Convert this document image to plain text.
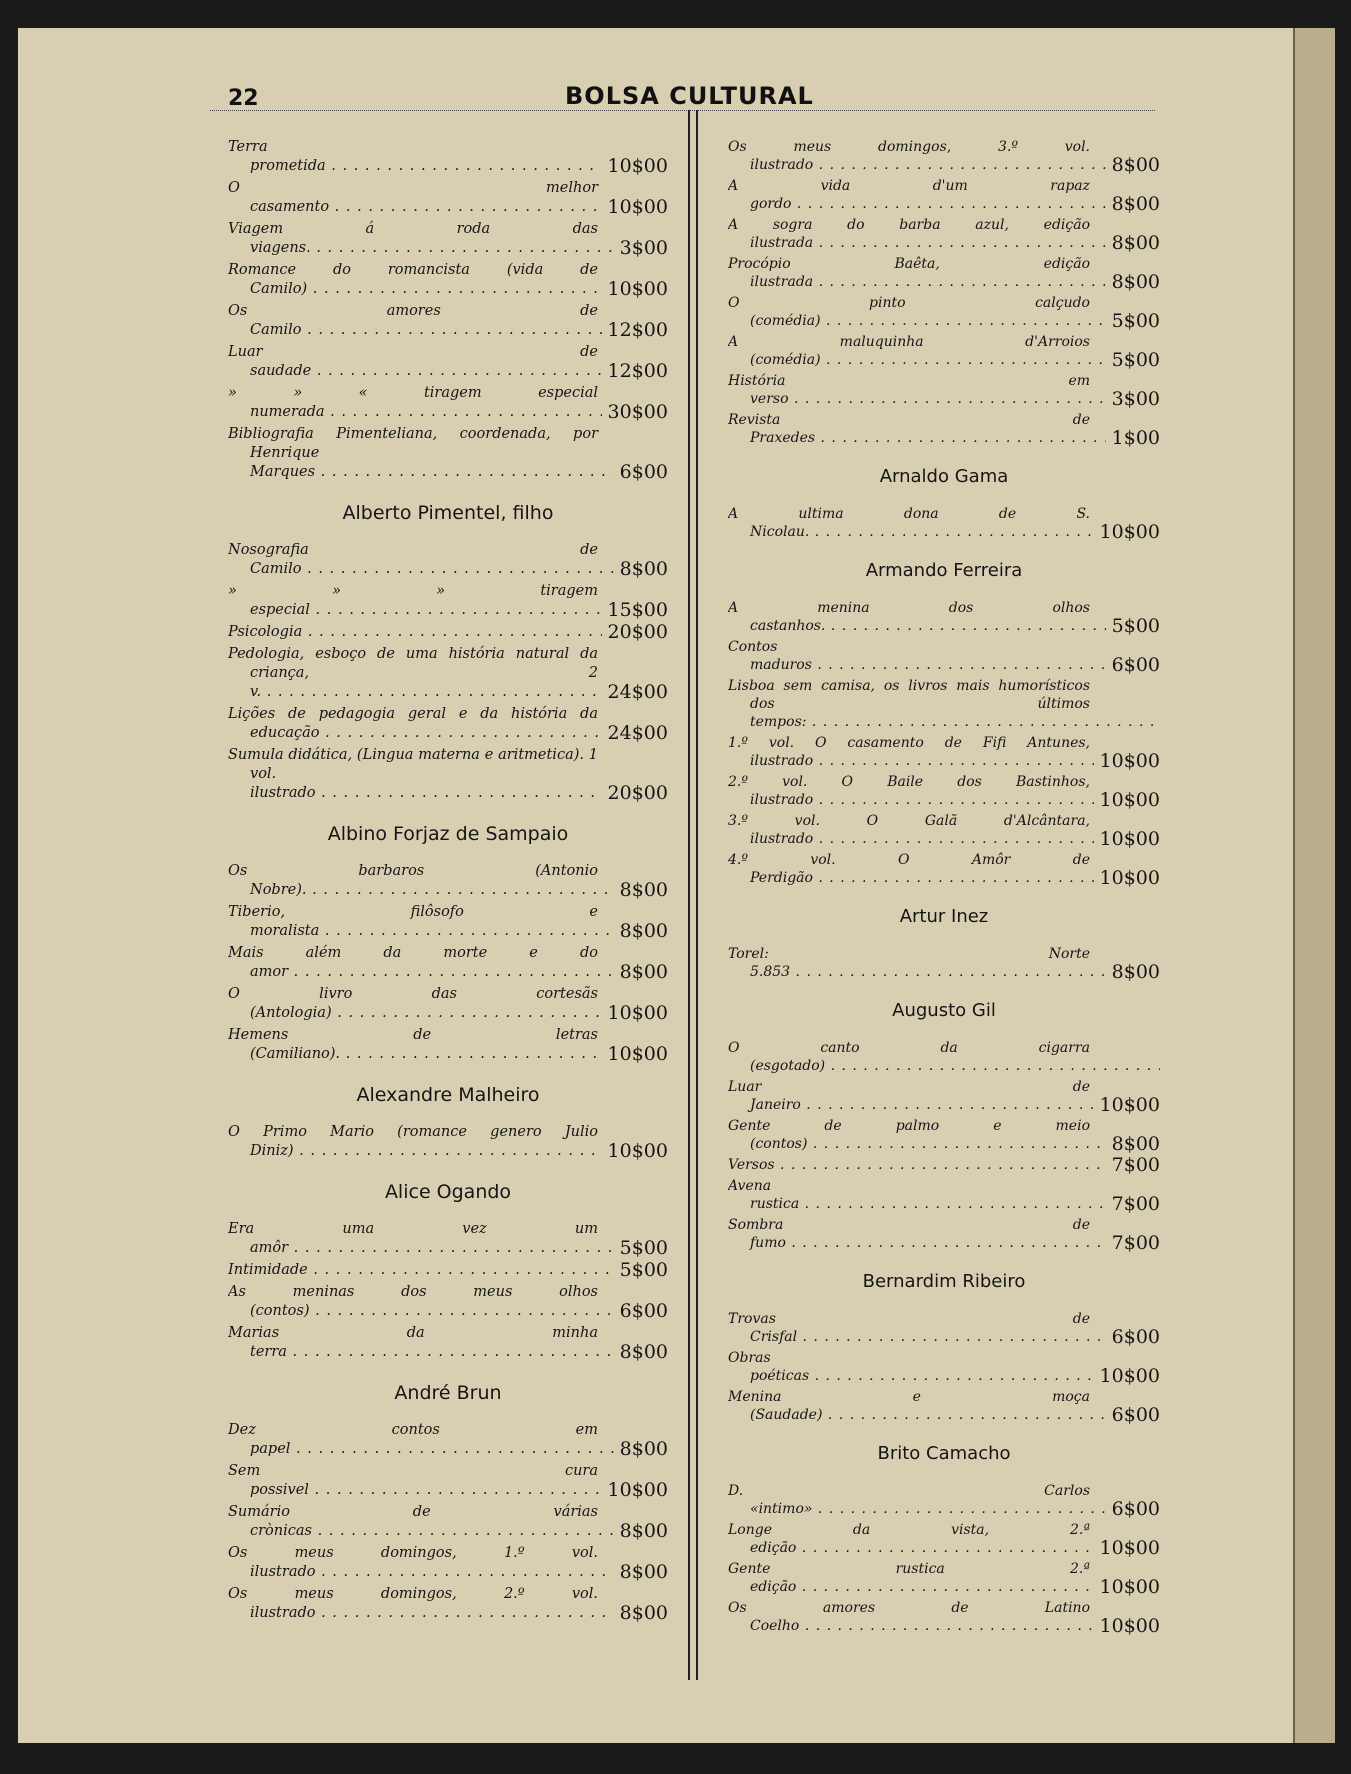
22	BOLSA CULTURAL
Terra prometida . . .	10$00
O melhor casamento . . .	10$00
Viagem á roda das viagens. . . .	3$00
Romance do romancista (vida de Camilo) . . .	10$00
Os amores de Camilo . . .	12$00
Luar de saudade . . .	12$00
» » « tiragem especial numerada . . .	30$00
Bibliografia Pimenteliana, coordenada, por Henrique Marques . . .	6$00
Alberto Pimentel, filho
Nosografia de Camilo . . .	8$00
» » » tiragem especial . . .	15$00
Psicologia . . .	20$00
Pedologia, esboço de uma história natural da criança, 2 v. . . .	24$00
Lições de pedagogia geral e da história da educação . . .	24$00
Sumula didática, (Lingua materna e aritmetica). 1 vol. ilustrado . . .	20$00
Albino Forjaz de Sampaio
Os barbaros (Antonio Nobre). . . .	8$00
Tiberio, filôsofo e moralista . . .	8$00
Mais além da morte e do amor . . .	8$00
O livro das cortesãs (Antologia) . . .	10$00
Hemens de letras (Camiliano). . . .	10$00
Alexandre Malheiro
O Primo Mario (romance genero Julio Diniz) . . .	10$00
Alice Ogando
Era uma vez um amôr . . .	5$00
Intimidade . . .	5$00
As meninas dos meus olhos (contos) . . .	6$00
Marias da minha terra . . .	8$00
André Brun
Dez contos em papel . . .	8$00
Sem cura possivel . . .	10$00
Sumário de várias crònicas . . .	8$00
Os meus domingos, 1.º vol. ilustrado . . .	8$00
Os meus domingos, 2.º vol. ilustrado . . .	8$00
Os meus domingos, 3.º vol. ilustrado . . .	8$00
A vida d'um rapaz gordo . . .	8$00
A sogra do barba azul, edição ilustrada . . .	8$00
Procópio Baêta, edição ilustrada . . .	8$00
O pinto calçudo (comédia) . . .	5$00
A maluquinha d'Arroios (comédia) . . .	5$00
História em verso . . .	3$00
Revista de Praxedes . . .	1$00
Arnaldo Gama
A ultima dona de S. Nicolau. . . .	10$00
Armando Ferreira
A menina dos olhos castanhos. . . .	5$00
Contos maduros . . .	6$00
Lisboa sem camisa, os livros mais humorísticos dos últimos tempos: . . .
1.º vol. O casamento de Fifi Antunes, ilustrado . . .	10$00
2.º vol. O Baile dos Bastinhos, ilustrado . . .	10$00
3.º vol. O Galã d'Alcântara, ilustrado . . .	10$00
4.º vol. O Amôr de Perdigão . . .	10$00
Artur Inez
Torel: Norte 5.853 . . .	8$00
Augusto Gil
O canto da cigarra (esgotado) . . .
Luar de Janeiro . . .	10$00
Gente de palmo e meio (contos) . . .	8$00
Versos . . .	7$00
Avena rustica . . .	7$00
Sombra de fumo . . .	7$00
Bernardim Ribeiro
Trovas de Crisfal . . .	6$00
Obras poéticas . . .	10$00
Menina e moça (Saudade) . . .	6$00
Brito Camacho
D. Carlos «intimo» . . .	6$00
Longe da vista, 2.ª edição . . .	10$00
Gente rustica 2.ª edição . . .	10$00
Os amores de Latino Coelho . . .	10$00
